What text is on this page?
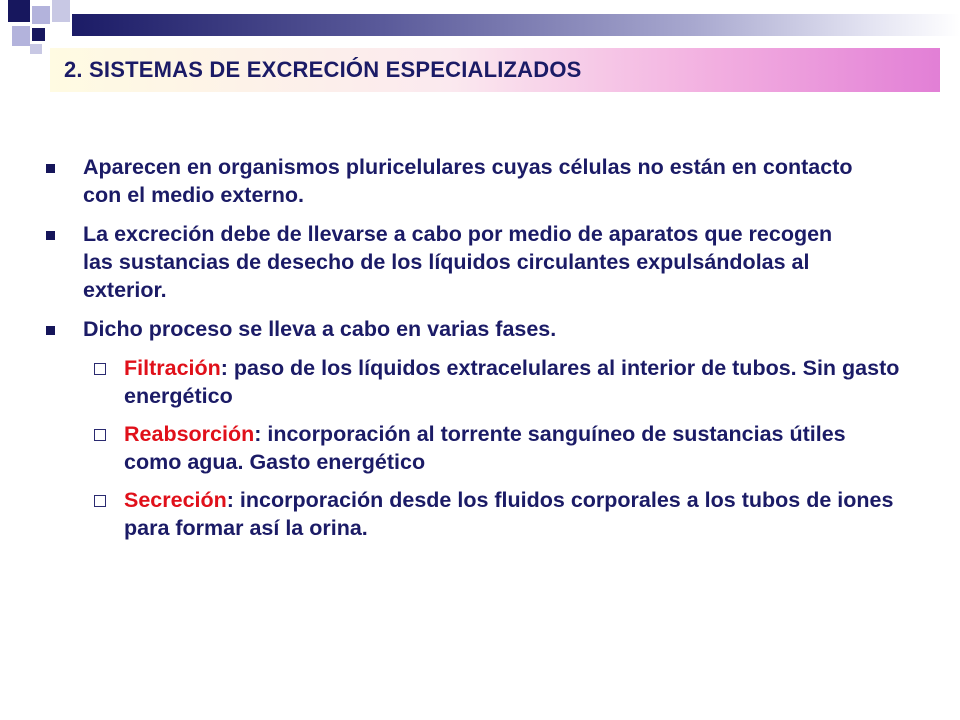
2. SISTEMAS DE EXCRECIÓN ESPECIALIZADOS
Aparecen en organismos pluricelulares cuyas células no están en contacto con el medio externo.
La excreción debe de llevarse a cabo por medio de aparatos que recogen las sustancias de desecho de los líquidos circulantes expulsándolas al exterior.
Dicho proceso se lleva a cabo en varias fases.
Filtración: paso de los líquidos extracelulares al interior de tubos. Sin gasto energético
Reabsorción: incorporación al torrente sanguíneo de sustancias útiles como agua. Gasto energético
Secreción: incorporación desde los fluidos corporales a los tubos de iones para formar así la orina.
